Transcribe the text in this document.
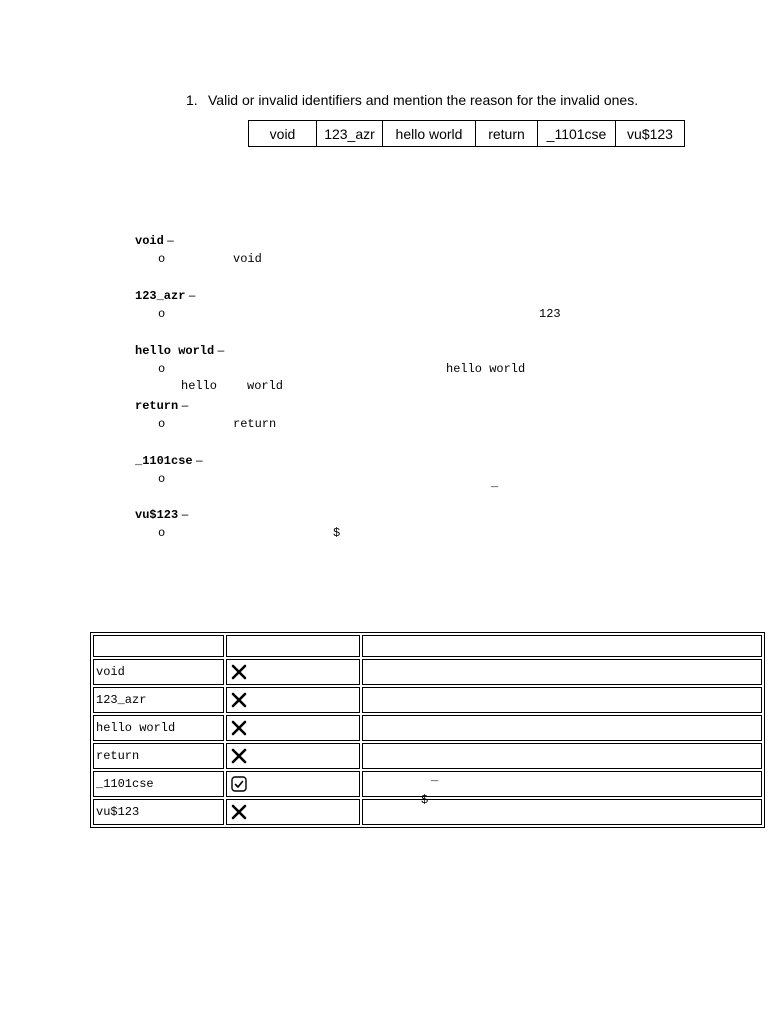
1. Valid or invalid identifiers and mention the reason for the invalid ones.
void	123_azr	hello world	return	_1101cse	vu$123
void –
o	void
123_azr –
o	123
hello world –
o	hello world
hello world
return –
o	return
_1101cse –
o	_
vu$123 –
o	$

void		
123_azr		
hello world		
return		
_1101cse		_

vu$123		$
